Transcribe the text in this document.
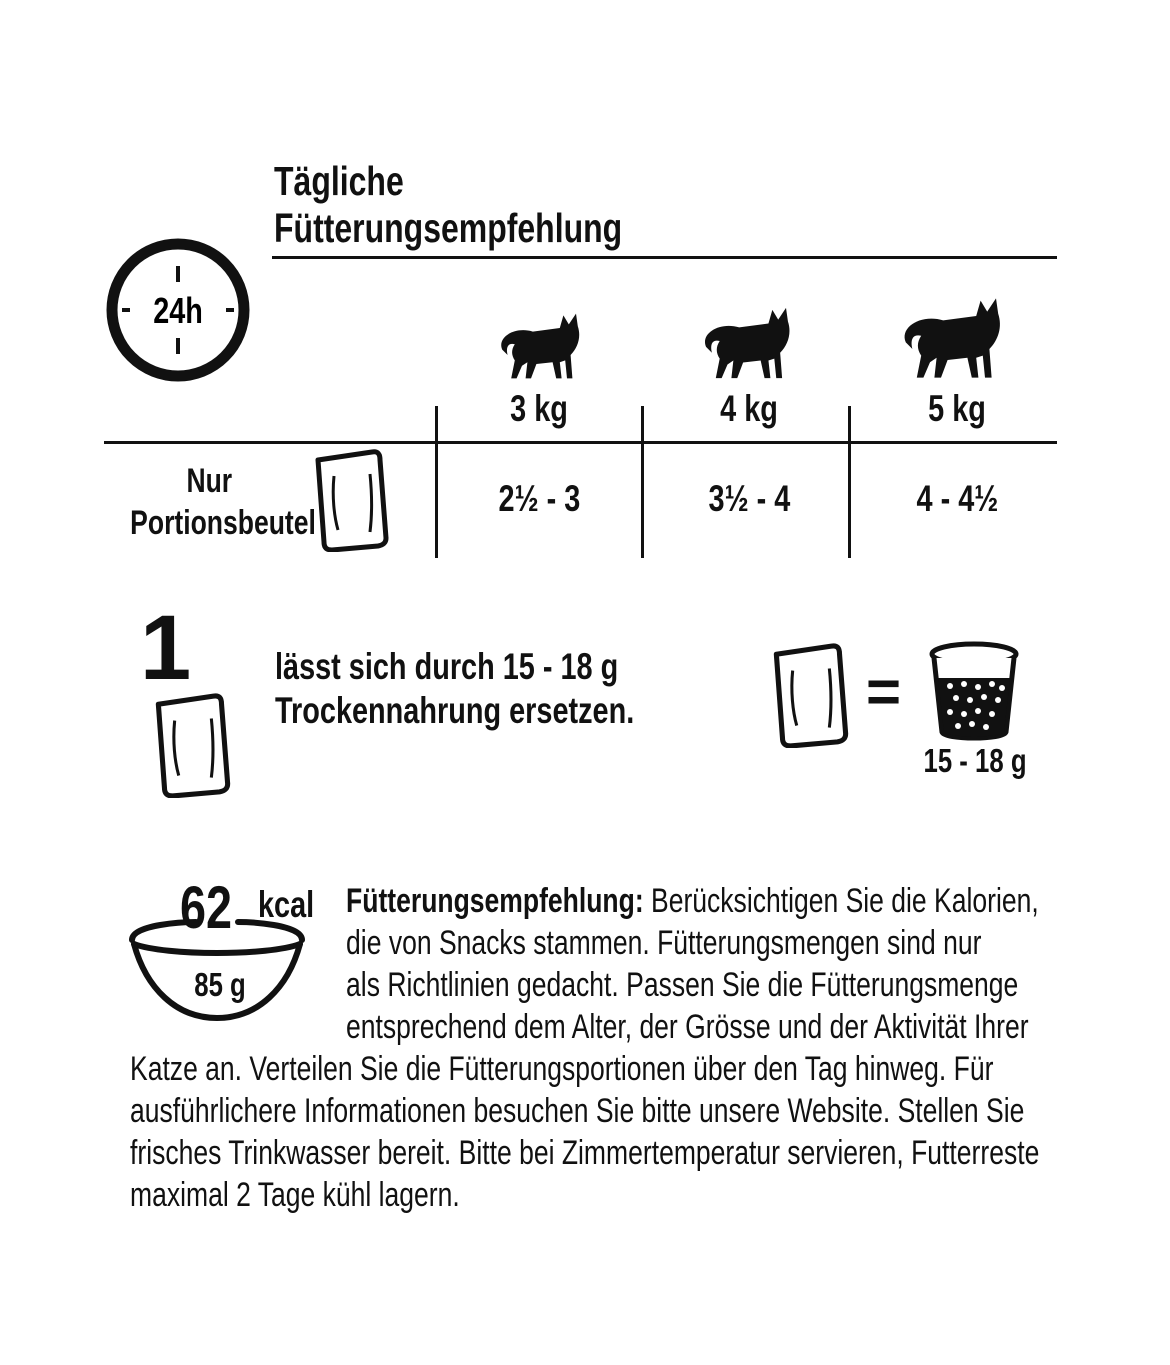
Tägliche
Fütterungsempfehlung
24h
3 kg	4 kg	5 kg
Nur
Portionsbeutel
2½ - 3	3½ - 4	4 - 4½
1 lässt sich durch 15 - 18 g
Trockennahrung ersetzen.	=
15 - 18 g
62 kcal
85 g
Fütterungsempfehlung: Berücksichtigen Sie die Kalorien,
die von Snacks stammen. Fütterungsmengen sind nur
als Richtlinien gedacht. Passen Sie die Fütterungsmenge
entsprechend dem Alter, der Grösse und der Aktivität Ihrer
Katze an. Verteilen Sie die Fütterungsportionen über den Tag hinweg. Für
ausführlichere Informationen besuchen Sie bitte unsere Website. Stellen Sie
frisches Trinkwasser bereit. Bitte bei Zimmertemperatur servieren, Futterreste
maximal 2 Tage kühl lagern.
